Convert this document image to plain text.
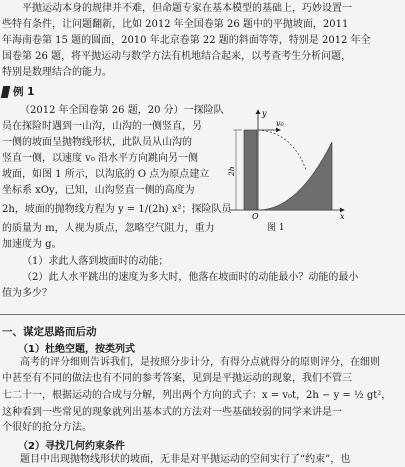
平抛运动本身的规律并不难，但命题专家在基本模型的基础上，巧妙设置一
些特有条件，让问题翻新，比如 2012 年全国卷第 26 题中的平抛坡面，2011
年海南卷第 15 题的圆面，2010 年北京卷第 22 题的斜面等等，特别是 2012 年全
国卷第 26 题，将平抛运动与数学方法有机地结合起来，以考查考生分析问题，
特别是数理结合的能力。
例 1
（2012 年全国卷第 26 题，20 分）一探险队
员在探险时遇到一山沟，山沟的一侧竖直，另
一侧的坡面呈抛物线形状，此队员从山沟的
竖直一侧，以速度 v₀ 沿水平方向跳向另一侧
坡面，如图 1 所示，以沟底的 O 点为原点建立
坐标系 xOy，已知，山沟竖直一侧的高度为
2h，坡面的抛物线方程为 y = 1/(2h) x²；探险队员
的质量为 m，人视为质点，忽略空气阻力，重力
加速度为 g。
y
x
v₀
2h
O
图 1
（1）求此人落到坡面时的动能；
（2）此人水平跳出的速度为多大时，他落在坡面时的动能最小？动能的最小
值为多少？
一、谋定思路而后动
（1）杜绝空题，按类列式
高考的评分细则告诉我们，是按照分步计分，有得分点就得分的原则评分，在细则
中甚至有不同的做法也有不同的参考答案，见到是平抛运动的现象，我们不管三
七二十一，根据运动的合成与分解，列出两个方向的式子：x = v₀t，2h − y = ½ gt²，
这种看到一些常见的现象就列出基本式的方法对一些基础较弱的同学来讲是一
个很好的抢分方法。
（2）寻找几何约束条件
题目中出现抛物线形状的坡面，无非是对平抛运动的空间实行了“约束”，也
